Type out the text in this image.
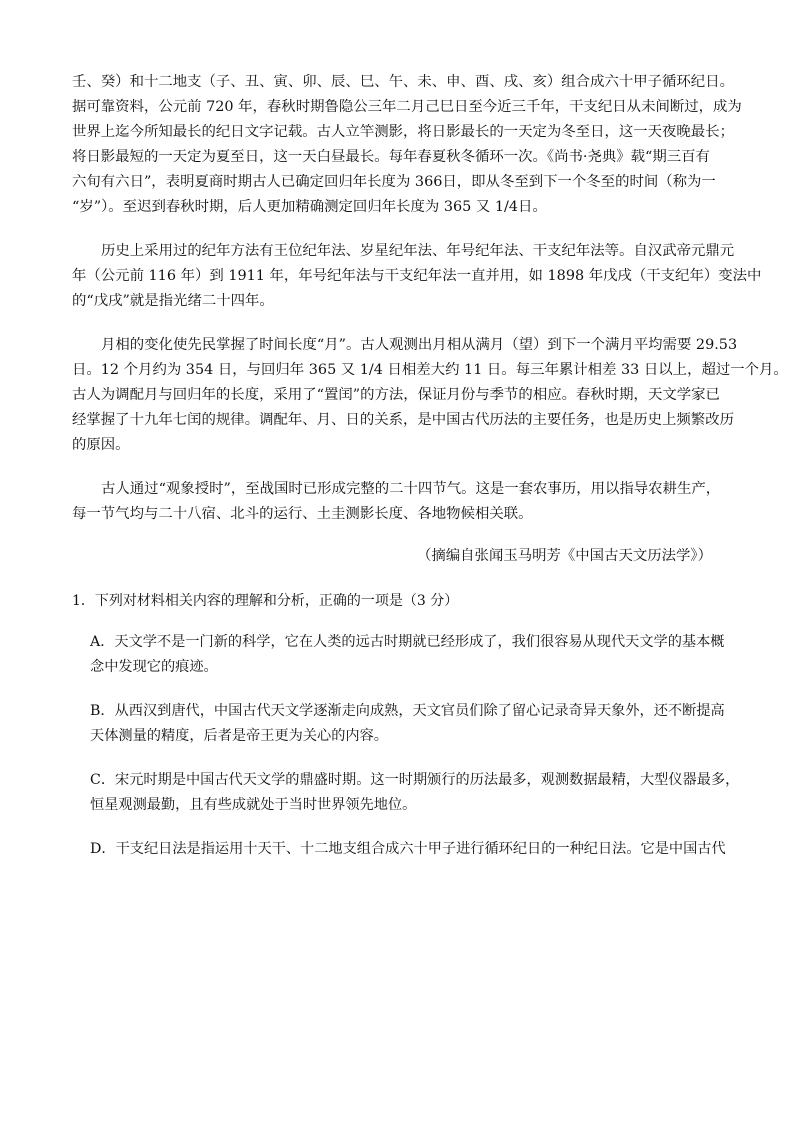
壬、癸）和十二地支（子、丑、寅、卯、辰、巳、午、未、申、酉、戌、亥）组合成六十甲子循环纪日。
据可靠资料，公元前 720 年，春秋时期鲁隐公三年二月己巳日至今近三千年，干支纪日从未间断过，成为
世界上迄今所知最长的纪日文字记载。古人立竿测影，将日影最长的一天定为冬至日，这一天夜晚最长；
将日影最短的一天定为夏至日，这一天白昼最长。每年春夏秋冬循环一次。《尚书·尧典》载“期三百有
六旬有六日”，表明夏商时期古人已确定回归年长度为 366日，即从冬至到下一个冬至的时间（称为一
“岁”）。至迟到春秋时期，后人更加精确测定回归年长度为 365 又 1/4日。
历史上采用过的纪年方法有王位纪年法、岁星纪年法、年号纪年法、干支纪年法等。自汉武帝元鼎元
年（公元前 116 年）到 1911 年，年号纪年法与干支纪年法一直并用，如 1898 年戊戌（干支纪年）变法中
的“戊戌”就是指光绪二十四年。
月相的变化使先民掌握了时间长度“月”。古人观测出月相从满月（望）到下一个满月平均需要 29.53
日。12 个月约为 354 日，与回归年 365 又 1/4 日相差大约 11 日。每三年累计相差 33 日以上，超过一个月。
古人为调配月与回归年的长度，采用了“置闰”的方法，保证月份与季节的相应。春秋时期，天文学家已
经掌握了十九年七闰的规律。调配年、月、日的关系，是中国古代历法的主要任务，也是历史上频繁改历
的原因。
古人通过“观象授时”，至战国时已形成完整的二十四节气。这是一套农事历，用以指导农耕生产，
每一节气均与二十八宿、北斗的运行、土圭测影长度、各地物候相关联。
（摘编自张闻玉马明芳《中国古天文历法学》）
1．下列对材料相关内容的理解和分析，正确的一项是（3 分）
A．天文学不是一门新的科学，它在人类的远古时期就已经形成了，我们很容易从现代天文学的基本概
念中发现它的痕迹。
B．从西汉到唐代，中国古代天文学逐渐走向成熟，天文官员们除了留心记录奇异天象外，还不断提高
天体测量的精度，后者是帝王更为关心的内容。
C．宋元时期是中国古代天文学的鼎盛时期。这一时期颁行的历法最多，观测数据最精，大型仪器最多，
恒星观测最勤，且有些成就处于当时世界领先地位。
D．干支纪日法是指运用十天干、十二地支组合成六十甲子进行循环纪日的一种纪日法。它是中国古代
